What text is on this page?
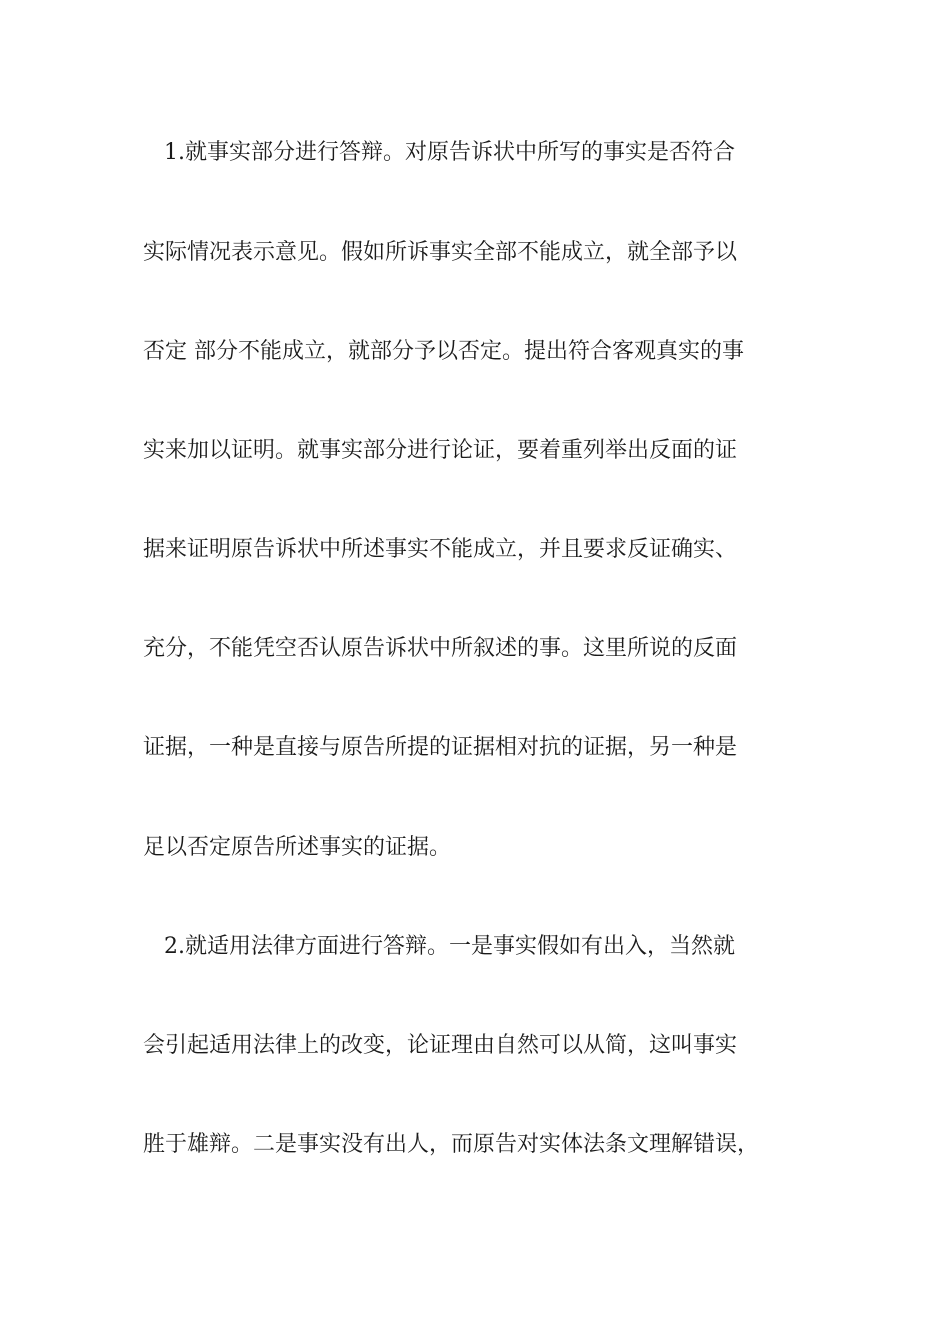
1.就事实部分进行答辩。对原告诉状中所写的事实是否符合
实际情况表示意见。假如所诉事实全部不能成立，就全部予以
否定 部分不能成立，就部分予以否定。提出符合客观真实的事
实来加以证明。就事实部分进行论证，要着重列举出反面的证
据来证明原告诉状中所述事实不能成立，并且要求反证确实、
充分，不能凭空否认原告诉状中所叙述的事。这里所说的反面
证据，一种是直接与原告所提的证据相对抗的证据，另一种是
足以否定原告所述事实的证据。
2.就适用法律方面进行答辩。一是事实假如有出入，当然就
会引起适用法律上的改变，论证理由自然可以从简，这叫事实
胜于雄辩。二是事实没有出人，而原告对实体法条文理解错误，
